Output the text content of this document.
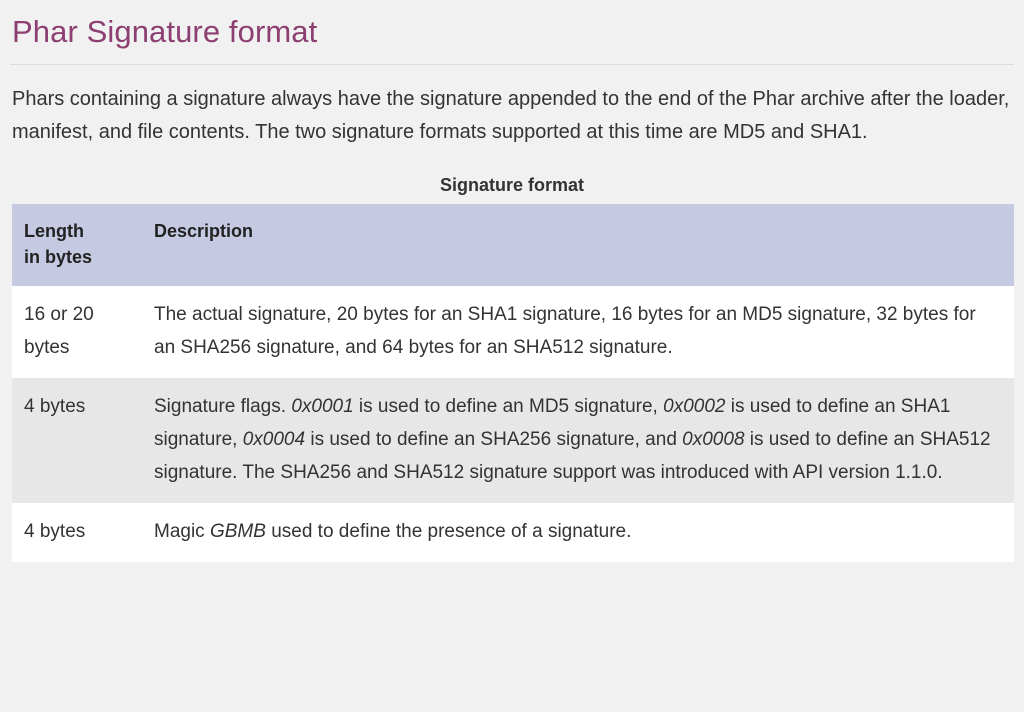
Phar Signature format

Phars containing a signature always have the signature appended to the end of the Phar archive after the loader, manifest, and file contents. The two signature formats supported at this time are MD5 and SHA1.

Signature format
Length
in bytes	Description
16 or 20 bytes	The actual signature, 20 bytes for an SHA1 signature, 16 bytes for an MD5 signature, 32 bytes for an SHA256 signature, and 64 bytes for an SHA512 signature.
4 bytes	Signature flags. 0x0001 is used to define an MD5 signature, 0x0002 is used to define an SHA1 signature, 0x0004 is used to define an SHA256 signature, and 0x0008 is used to define an SHA512 signature. The SHA256 and SHA512 signature support was introduced with API version 1.1.0.
4 bytes	Magic GBMB used to define the presence of a signature.
